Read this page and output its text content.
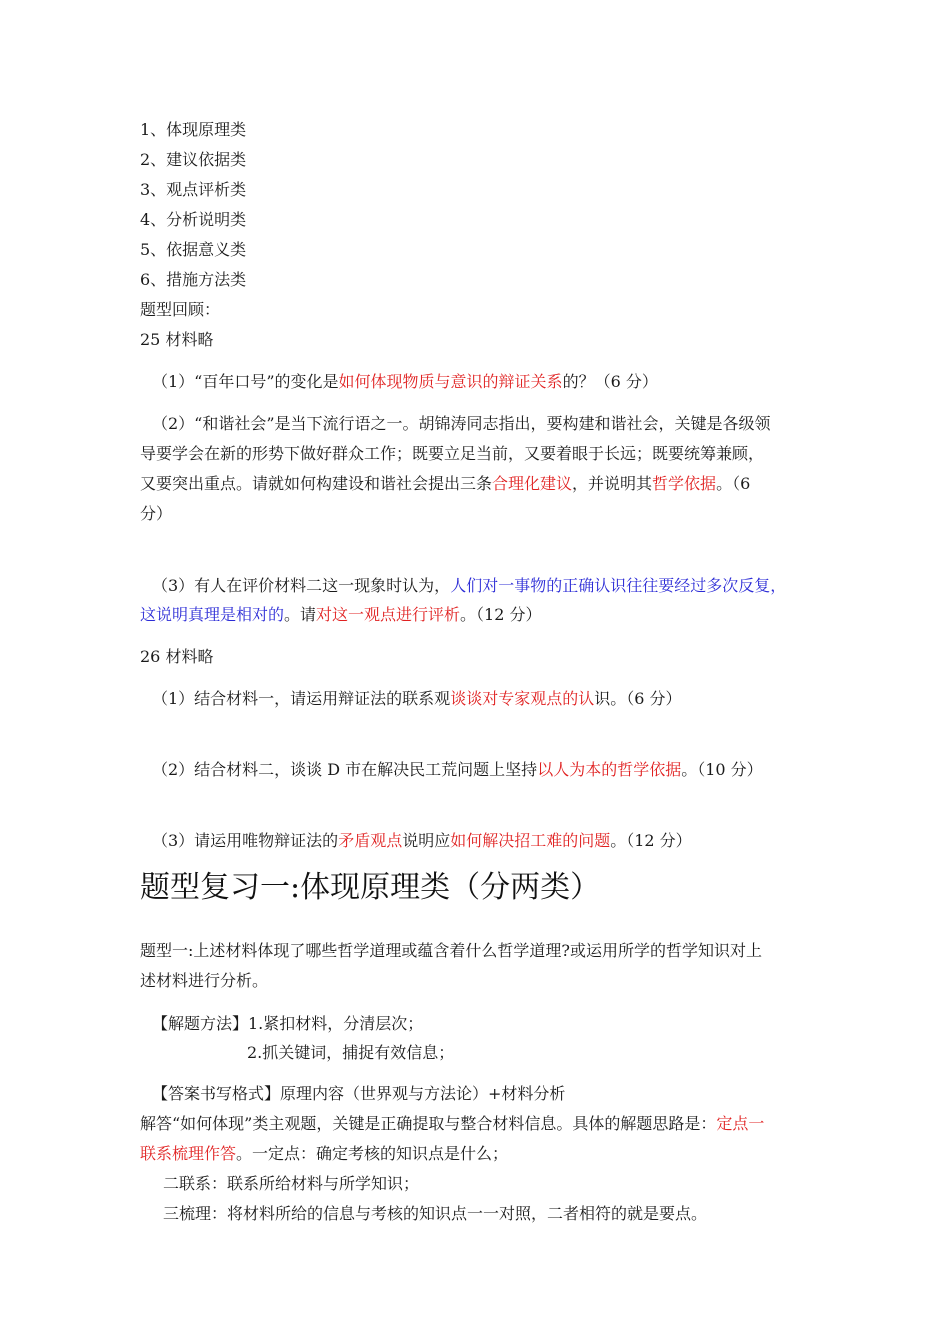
1、体现原理类
2、建议依据类
3、观点评析类
4、分析说明类
5、依据意义类
6、措施方法类
题型回顾：
25 材料略
（1）“百年口号”的变化是如何体现物质与意识的辩证关系的？（6 分）
（2）“和谐社会”是当下流行语之一。胡锦涛同志指出，要构建和谐社会，关键是各级领
导要学会在新的形势下做好群众工作；既要立足当前，又要着眼于长远；既要统筹兼顾，
又要突出重点。请就如何构建设和谐社会提出三条合理化建议，并说明其哲学依据。（6
分）
（3）有人在评价材料二这一现象时认为，人们对一事物的正确认识往往要经过多次反复，
这说明真理是相对的。请对这一观点进行评析。（12 分）
26 材料略
（1）结合材料一，请运用辩证法的联系观谈谈对专家观点的认识。（6 分）
（2）结合材料二，谈谈 D 市在解决民工荒问题上坚持以人为本的哲学依据。（10 分）
（3）请运用唯物辩证法的矛盾观点说明应如何解决招工难的问题。（12 分）
题型复习一:体现原理类（分两类）
题型一:上述材料体现了哪些哲学道理或蕴含着什么哲学道理?或运用所学的哲学知识对上
述材料进行分析。
【解题方法】1.紧扣材料，分清层次；
2.抓关键词，捕捉有效信息；
【答案书写格式】原理内容（世界观与方法论）+材料分析
解答“如何体现”类主观题，关键是正确提取与整合材料信息。具体的解题思路是：定点一
联系梳理作答。一定点：确定考核的知识点是什么；
二联系：联系所给材料与所学知识；
三梳理：将材料所给的信息与考核的知识点一一对照，二者相符的就是要点。
